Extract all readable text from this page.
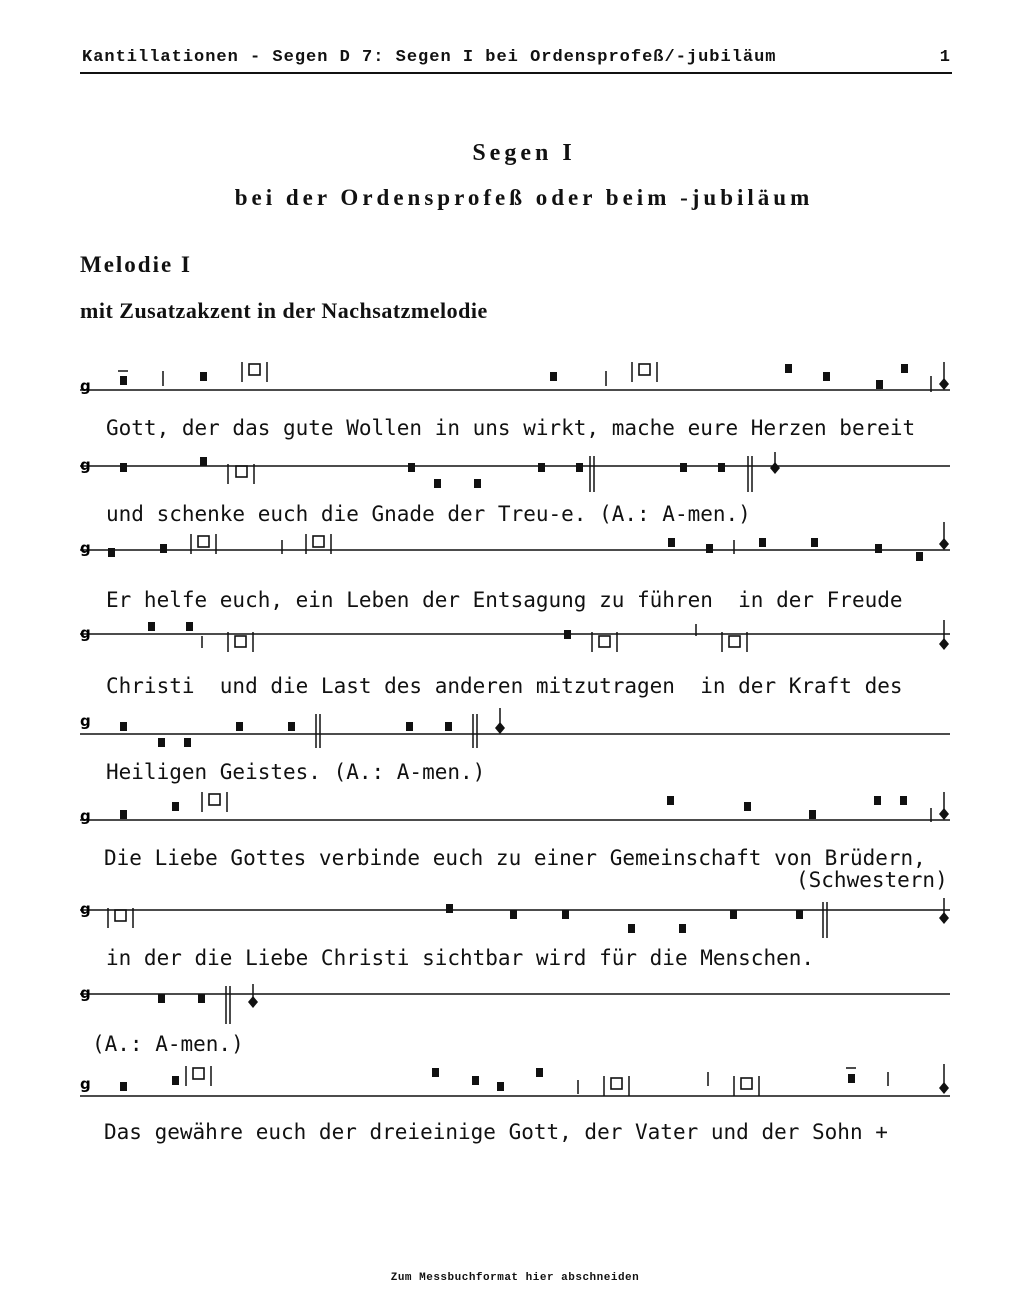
Kantillationen - Segen D 7: Segen I bei Ordensprofeß/-jubiläum	1
Segen I
bei der Ordensprofeß oder beim -jubiläum
Melodie I
mit Zusatzakzent in der Nachsatzmelodie
g
Gott, der das gute Wollen in uns wirkt, mache eure Herzen bereit
g
und schenke euch die Gnade der Treu-e. (A.: A-men.)
g
Er helfe euch, ein Leben der Entsagung zu führen  in der Freude
g
Christi  und die Last des anderen mitzutragen  in der Kraft des
g
Heiligen Geistes. (A.: A-men.)
g
Die Liebe Gottes verbinde euch zu einer Gemeinschaft von Brüdern,
(Schwestern)
g
in der die Liebe Christi sichtbar wird für die Menschen.
g
(A.: A-men.)
g
Das gewähre euch der dreieinige Gott, der Vater und der Sohn +
Zum Messbuchformat hier abschneiden
